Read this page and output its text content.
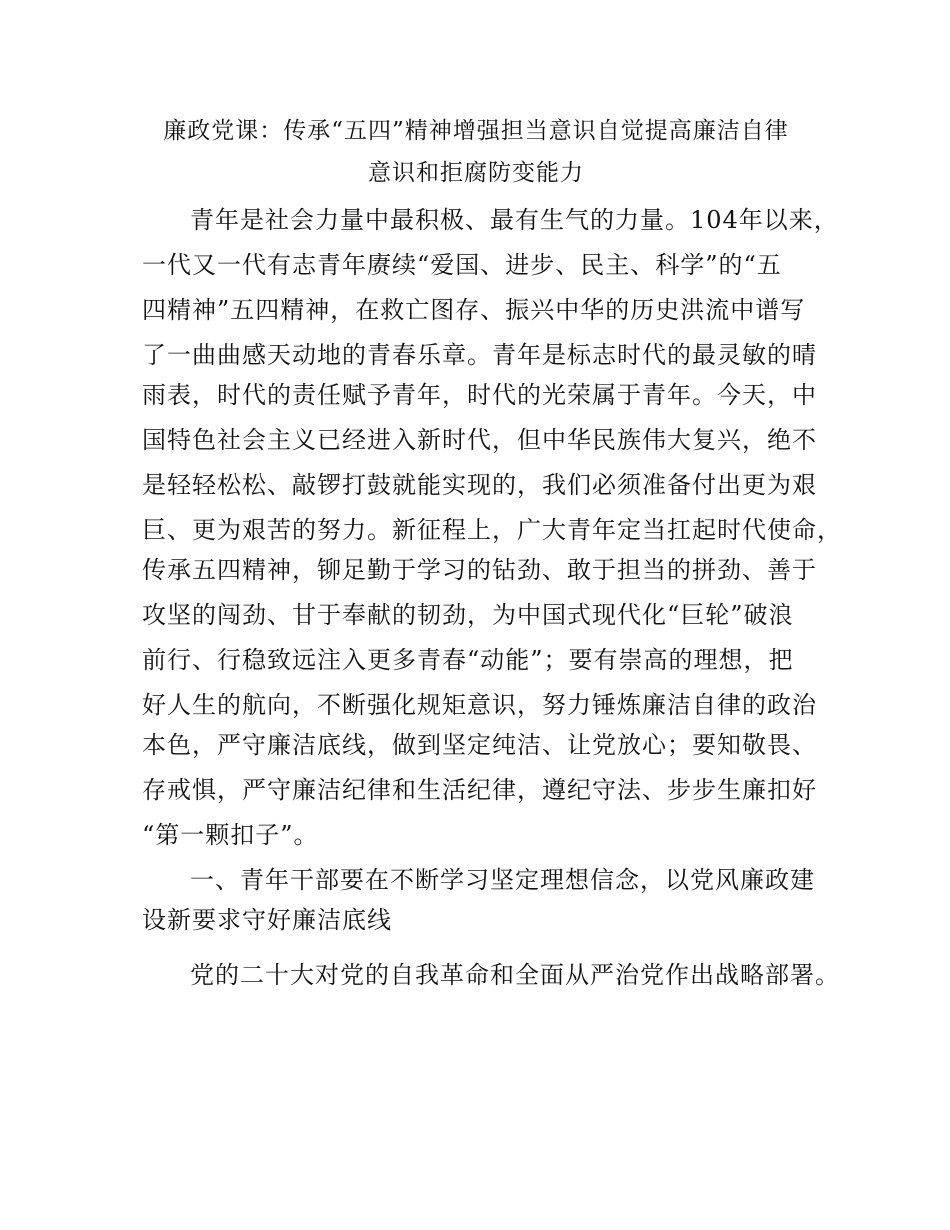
廉政党课：传承“五四”精神增强担当意识自觉提高廉洁自律
意识和拒腐防变能力
青年是社会力量中最积极、最有生气的力量。104年以来，
一代又一代有志青年赓续“爱国、进步、民主、科学”的“五
四精神”五四精神，在救亡图存、振兴中华的历史洪流中谱写
了一曲曲感天动地的青春乐章。青年是标志时代的最灵敏的晴
雨表，时代的责任赋予青年，时代的光荣属于青年。今天，中
国特色社会主义已经进入新时代，但中华民族伟大复兴，绝不
是轻轻松松、敲锣打鼓就能实现的，我们必须准备付出更为艰
巨、更为艰苦的努力。新征程上，广大青年定当扛起时代使命，
传承五四精神，铆足勤于学习的钻劲、敢于担当的拼劲、善于
攻坚的闯劲、甘于奉献的韧劲，为中国式现代化“巨轮”破浪
前行、行稳致远注入更多青春“动能”；要有崇高的理想，把
好人生的航向，不断强化规矩意识，努力锤炼廉洁自律的政治
本色，严守廉洁底线，做到坚定纯洁、让党放心；要知敬畏、
存戒惧，严守廉洁纪律和生活纪律，遵纪守法、步步生廉扣好
“第一颗扣子”。
一、青年干部要在不断学习坚定理想信念，以党风廉政建
设新要求守好廉洁底线
党的二十大对党的自我革命和全面从严治党作出战略部署。
